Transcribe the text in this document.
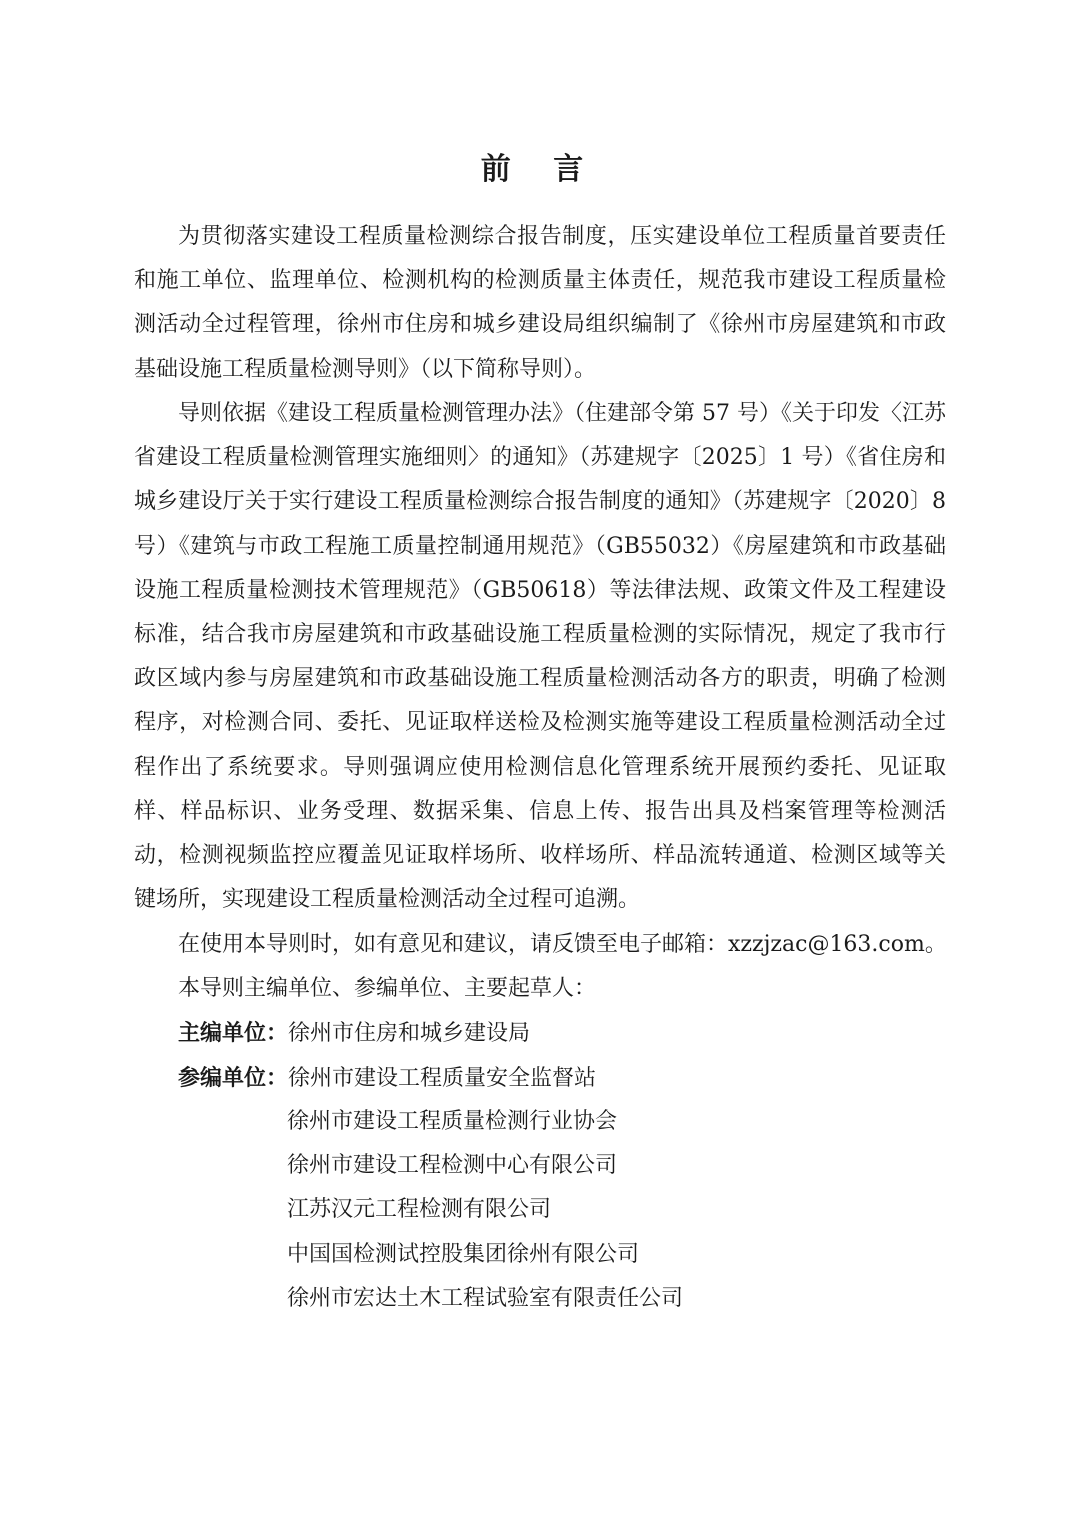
前 言

为贯彻落实建设工程质量检测综合报告制度，压实建设单位工程质量首要责任和施工单位、监理单位、检测机构的检测质量主体责任，规范我市建设工程质量检测活动全过程管理，徐州市住房和城乡建设局组织编制了《徐州市房屋建筑和市政基础设施工程质量检测导则》（以下简称导则）。

导则依据《建设工程质量检测管理办法》（住建部令第 57 号）《关于印发〈江苏省建设工程质量检测管理实施细则〉的通知》（苏建规字〔2025〕1 号）《省住房和城乡建设厅关于实行建设工程质量检测综合报告制度的通知》（苏建规字〔2020〕8 号）《建筑与市政工程施工质量控制通用规范》（GB55032）《房屋建筑和市政基础设施工程质量检测技术管理规范》（GB50618）等法律法规、政策文件及工程建设标准，结合我市房屋建筑和市政基础设施工程质量检测的实际情况，规定了我市行政区域内参与房屋建筑和市政基础设施工程质量检测活动各方的职责，明确了检测程序，对检测合同、委托、见证取样送检及检测实施等建设工程质量检测活动全过程作出了系统要求。导则强调应使用检测信息化管理系统开展预约委托、见证取样、样品标识、业务受理、数据采集、信息上传、报告出具及档案管理等检测活动，检测视频监控应覆盖见证取样场所、收样场所、样品流转通道、检测区域等关键场所，实现建设工程质量检测活动全过程可追溯。

在使用本导则时，如有意见和建议，请反馈至电子邮箱：xzzjzac@163.com。
本导则主编单位、参编单位、主要起草人：
主编单位：徐州市住房和城乡建设局
参编单位：徐州市建设工程质量安全监督站
徐州市建设工程质量检测行业协会
徐州市建设工程检测中心有限公司
江苏汉元工程检测有限公司
中国国检测试控股集团徐州有限公司
徐州市宏达土木工程试验室有限责任公司
